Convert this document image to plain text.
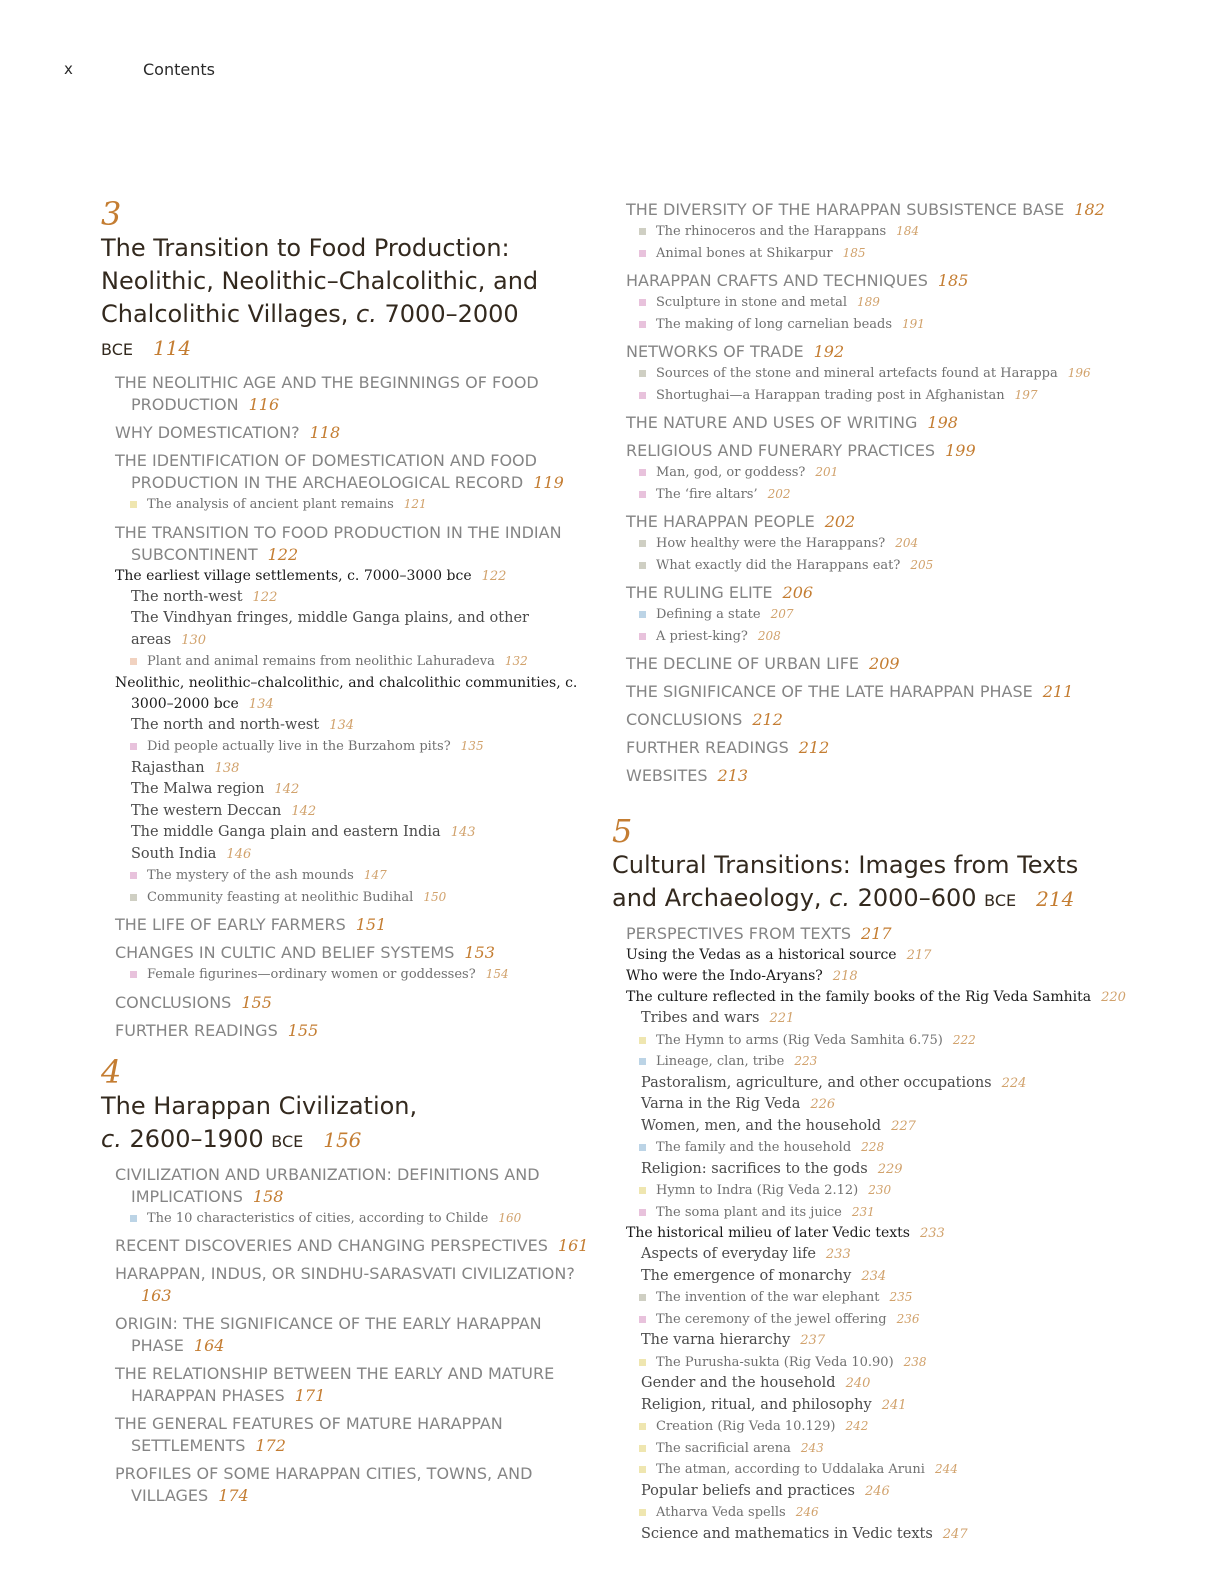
x	Contents
3
The Transition to Food Production:
Neolithic, Neolithic–Chalcolithic, and
Chalcolithic Villages, c. 7000–2000 BCE 114
THE NEOLITHIC AGE AND THE BEGINNINGS OF FOOD PRODUCTION 116
WHY DOMESTICATION? 118
THE IDENTIFICATION OF DOMESTICATION AND FOOD PRODUCTION IN THE ARCHAEOLOGICAL RECORD 119
The analysis of ancient plant remains 121
THE TRANSITION TO FOOD PRODUCTION IN THE INDIAN SUBCONTINENT 122
The earliest village settlements, c. 7000–3000 bce 122
The north-west 122
The Vindhyan fringes, middle Ganga plains, and other areas 130
Plant and animal remains from neolithic Lahuradeva 132
Neolithic, neolithic–chalcolithic, and chalcolithic communities, c. 3000–2000 bce 134
The north and north-west 134
Did people actually live in the Burzahom pits? 135
Rajasthan 138
The Malwa region 142
The western Deccan 142
The middle Ganga plain and eastern India 143
South India 146
The mystery of the ash mounds 147
Community feasting at neolithic Budihal 150
THE LIFE OF EARLY FARMERS 151
CHANGES IN CULTIC AND BELIEF SYSTEMS 153
Female figurines—ordinary women or goddesses? 154
CONCLUSIONS 155
FURTHER READINGS 155
4
The Harappan Civilization,
c. 2600–1900 BCE 156
CIVILIZATION AND URBANIZATION: DEFINITIONS AND IMPLICATIONS 158
The 10 characteristics of cities, according to Childe 160
RECENT DISCOVERIES AND CHANGING PERSPECTIVES 161
HARAPPAN, INDUS, OR SINDHU-SARASVATI CIVILIZATION?163
ORIGIN: THE SIGNIFICANCE OF THE EARLY HARAPPAN PHASE 164
THE RELATIONSHIP BETWEEN THE EARLY AND MATURE HARAPPAN PHASES 171
THE GENERAL FEATURES OF MATURE HARAPPAN SETTLEMENTS 172
PROFILES OF SOME HARAPPAN CITIES, TOWNS, AND VILLAGES 174
THE DIVERSITY OF THE HARAPPAN SUBSISTENCE BASE 182
The rhinoceros and the Harappans 184
Animal bones at Shikarpur 185
HARAPPAN CRAFTS AND TECHNIQUES 185
Sculpture in stone and metal 189
The making of long carnelian beads 191
NETWORKS OF TRADE 192
Sources of the stone and mineral artefacts found at Harappa 196
Shortughai—a Harappan trading post in Afghanistan 197
THE NATURE AND USES OF WRITING 198
RELIGIOUS AND FUNERARY PRACTICES 199
Man, god, or goddess? 201
The ‘fire altars’ 202
THE HARAPPAN PEOPLE 202
How healthy were the Harappans? 204
What exactly did the Harappans eat? 205
THE RULING ELITE 206
Defining a state 207
A priest-king? 208
THE DECLINE OF URBAN LIFE 209
THE SIGNIFICANCE OF THE LATE HARAPPAN PHASE 211
CONCLUSIONS 212
FURTHER READINGS 212
WEBSITES 213
5
Cultural Transitions: Images from Texts
and Archaeology, c. 2000–600 BCE 214
PERSPECTIVES FROM TEXTS 217
Using the Vedas as a historical source 217
Who were the Indo-Aryans? 218
The culture reflected in the family books of the Rig Veda Samhita 220
Tribes and wars 221
The Hymn to arms (Rig Veda Samhita 6.75) 222
Lineage, clan, tribe 223
Pastoralism, agriculture, and other occupations 224
Varna in the Rig Veda 226
Women, men, and the household 227
The family and the household 228
Religion: sacrifices to the gods 229
Hymn to Indra (Rig Veda 2.12) 230
The soma plant and its juice 231
The historical milieu of later Vedic texts 233
Aspects of everyday life 233
The emergence of monarchy 234
The invention of the war elephant 235
The ceremony of the jewel offering 236
The varna hierarchy 237
The Purusha-sukta (Rig Veda 10.90) 238
Gender and the household 240
Religion, ritual, and philosophy 241
Creation (Rig Veda 10.129) 242
The sacrificial arena 243
The atman, according to Uddalaka Aruni 244
Popular beliefs and practices 246
Atharva Veda spells 246
Science and mathematics in Vedic texts 247
